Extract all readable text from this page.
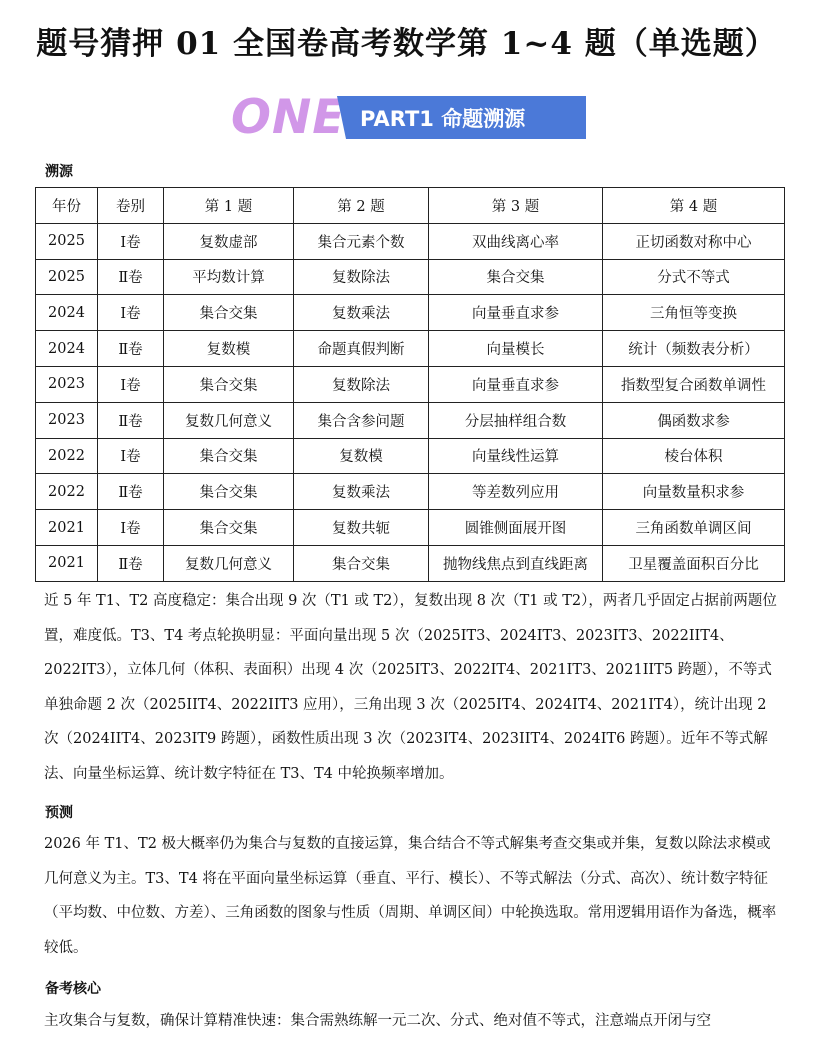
题号猜押 01 全国卷高考数学第 1~4 题（单选题）
ONE PART1 命题溯源
溯源
年份	卷别	第 1 题	第 2 题	第 3 题	第 4 题
2025	Ⅰ卷	复数虚部	集合元素个数	双曲线离心率	正切函数对称中心
2025	Ⅱ卷	平均数计算	复数除法	集合交集	分式不等式
2024	Ⅰ卷	集合交集	复数乘法	向量垂直求参	三角恒等变换
2024	Ⅱ卷	复数模	命题真假判断	向量模长	统计（频数表分析）
2023	Ⅰ卷	集合交集	复数除法	向量垂直求参	指数型复合函数单调性
2023	Ⅱ卷	复数几何意义	集合含参问题	分层抽样组合数	偶函数求参
2022	Ⅰ卷	集合交集	复数模	向量线性运算	棱台体积
2022	Ⅱ卷	集合交集	复数乘法	等差数列应用	向量数量积求参
2021	Ⅰ卷	集合交集	复数共轭	圆锥侧面展开图	三角函数单调区间
2021	Ⅱ卷	复数几何意义	集合交集	抛物线焦点到直线距离	卫星覆盖面积百分比

近 5 年 T1、T2 高度稳定：集合出现 9 次（T1 或 T2），复数出现 8 次（T1 或 T2），两者几乎固定占据前两题位置，难度低。T3、T4 考点轮换明显：平面向量出现 5 次（2025IT3、2024IT3、2023IT3、2022IIT4、2022IT3），立体几何（体积、表面积）出现 4 次（2025IT3、2022IT4、2021IT3、2021IIT5 跨题），不等式单独命题 2 次（2025IIT4、2022IIT3 应用），三角出现 3 次（2025IT4、2024IT4、2021IT4），统计出现 2 次（2024IIT4、2023IT9 跨题），函数性质出现 3 次（2023IT4、2023IIT4、2024IT6 跨题）。近年不等式解法、向量坐标运算、统计数字特征在 T3、T4 中轮换频率增加。

预测

2026 年 T1、T2 极大概率仍为集合与复数的直接运算，集合结合不等式解集考查交集或并集，复数以除法求模或几何意义为主。T3、T4 将在平面向量坐标运算（垂直、平行、模长）、不等式解法（分式、高次）、统计数字特征（平均数、中位数、方差）、三角函数的图象与性质（周期、单调区间）中轮换选取。常用逻辑用语作为备选，概率较低。

备考核心

主攻集合与复数，确保计算精准快速：集合需熟练解一元二次、分式、绝对值不等式，注意端点开闭与空
